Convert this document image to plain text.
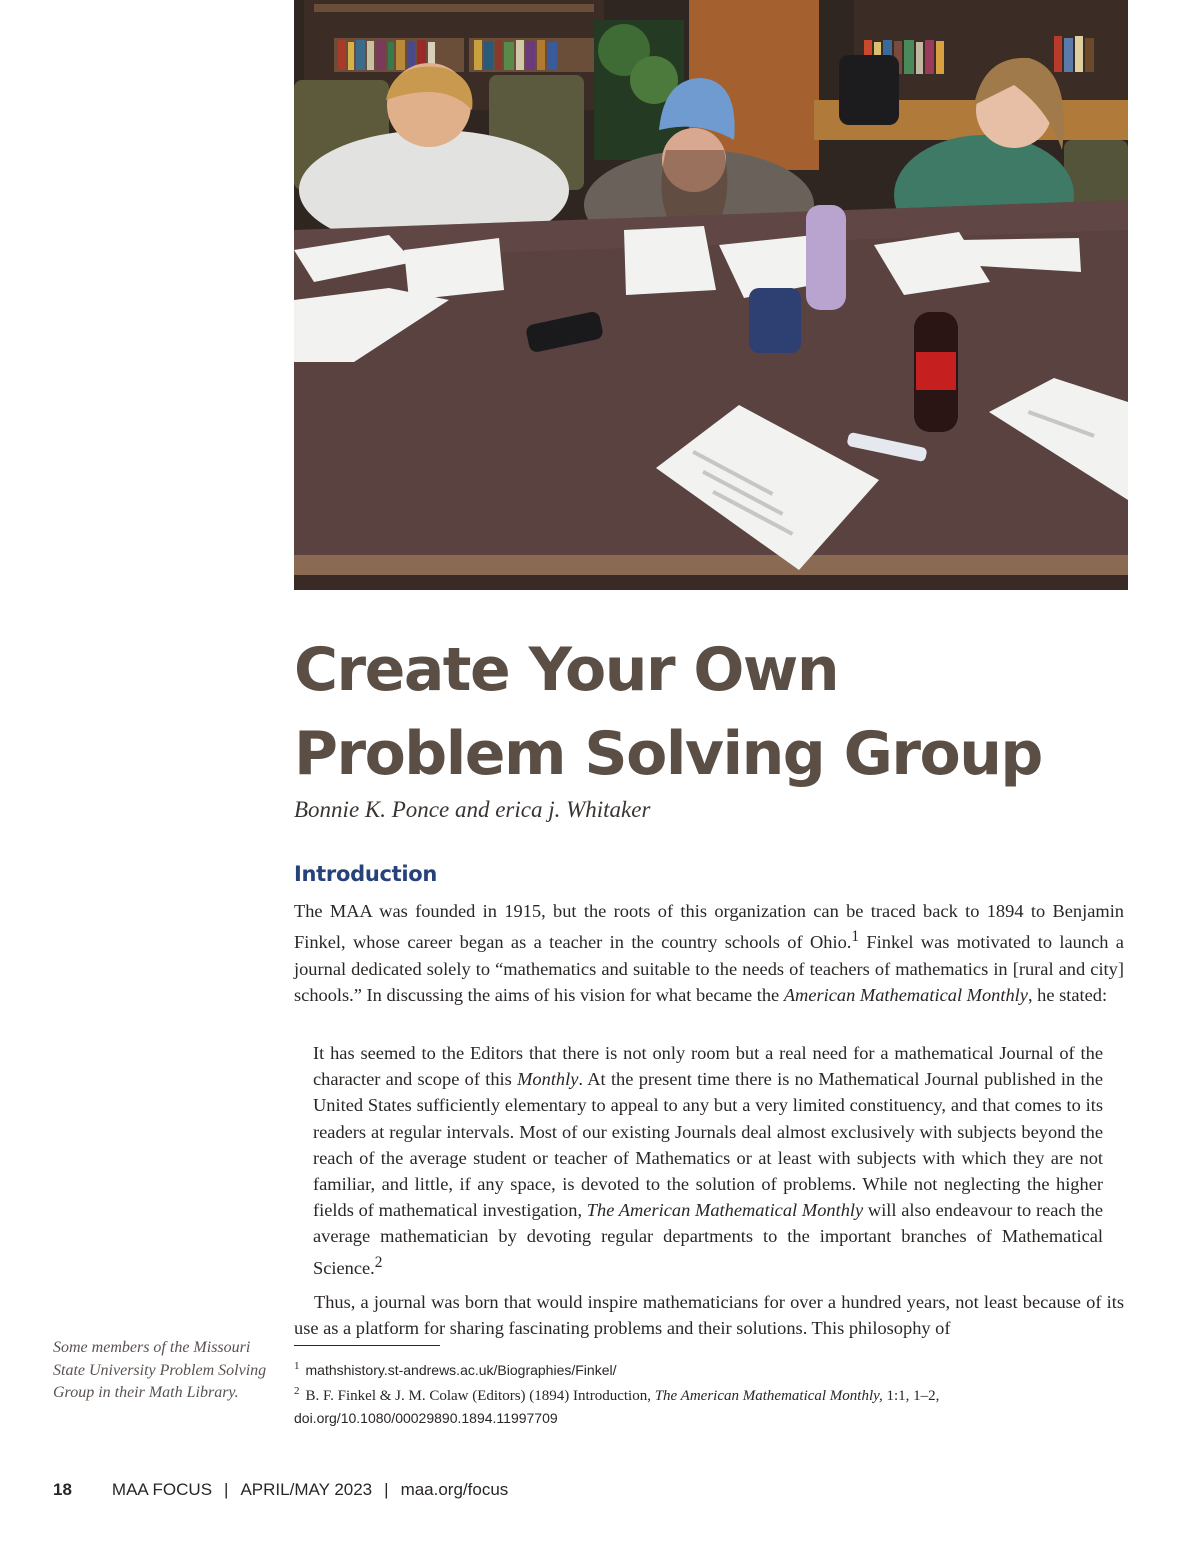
Create Your Own
Problem Solving Group
Bonnie K. Ponce and erica j. Whitaker
Introduction

The MAA was founded in 1915, but the roots of this organization can be traced back to 1894 to Benjamin Finkel, whose career began as a teacher in the country schools of Ohio.$^1$ Finkel was motivated to launch a journal dedicated solely to “mathematics and suitable to the needs of teachers of mathematics in [rural and city] schools.” In discussing the aims of his vision for what became the American Mathematical Monthly, he stated:

It has seemed to the Editors that there is not only room but a real need for a mathematical Journal of the character and scope of this Monthly. At the present time there is no Mathematical Journal published in the United States sufficiently elementary to appeal to any but a very limited constituency, and that comes to its readers at regular intervals. Most of our existing Journals deal almost exclusively with subjects beyond the reach of the average student or teacher of Mathematics or at least with subjects with which they are not familiar, and little, if any space, is devoted to the solution of problems. While not neglecting the higher fields of mathematical investigation, The American Mathematical Monthly will also endeavour to reach the average mathematician by devoting regular departments to the important branches of Mathematical Science.$^2$

Thus, a journal was born that would inspire mathematicians for over a hundred years, not least because of its use as a platform for sharing fascinating problems and their solutions. This philosophy of

$^1$ mathshistory.st-andrews.ac.uk/Biographies/Finkel/
$^2$ B. F. Finkel & J. M. Colaw (Editors) (1894) Introduction, The American Mathematical Monthly, 1:1, 1–2,
doi.org/10.1080/00029890.1894.11997709
Some members of the Missouri State University Problem Solving Group in their Math Library.
18 MAA FOCUS | APRIL/MAY 2023 | maa.org/focus
